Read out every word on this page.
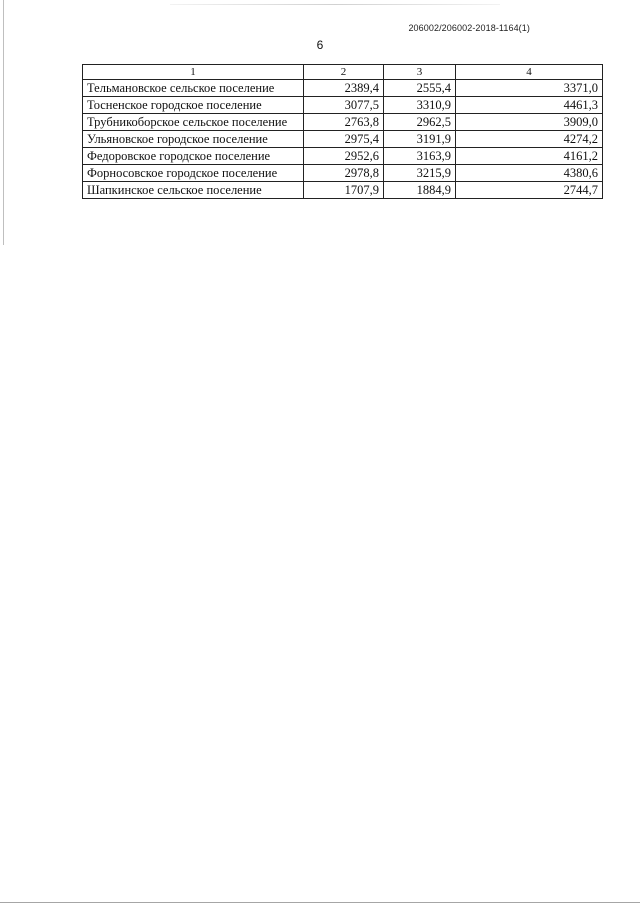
206002/206002-2018-1164(1)
6
1	2	3	4
Тельмановское сельское поселение	2389,4	2555,4	3371,0
Тосненское городское поселение	3077,5	3310,9	4461,3
Трубникоборское сельское поселение	2763,8	2962,5	3909,0
Ульяновское городское поселение	2975,4	3191,9	4274,2
Федоровское городское поселение	2952,6	3163,9	4161,2
Форносовское городское поселение	2978,8	3215,9	4380,6
Шапкинское сельское поселение	1707,9	1884,9	2744,7
